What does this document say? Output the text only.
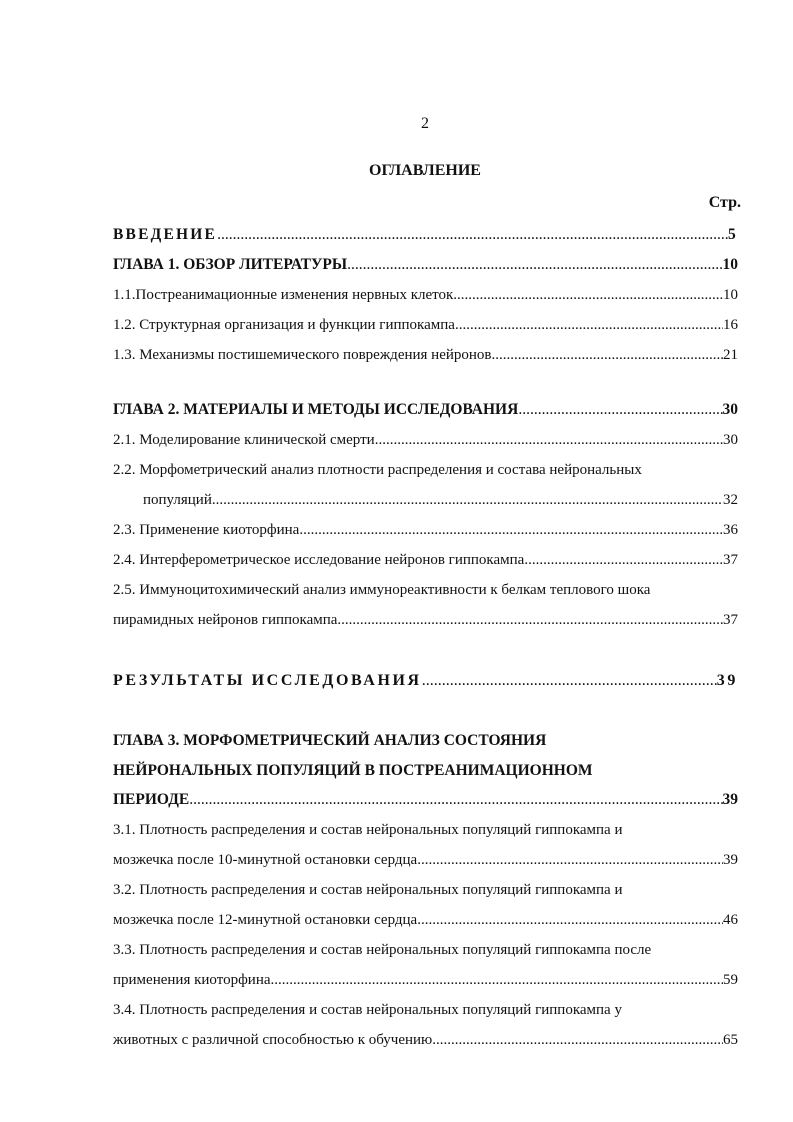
2
ОГЛАВЛЕНИЕ
Стр.
ВВЕДЕНИЕ .....	5
ГЛАВА 1. ОБЗОР ЛИТЕРАТУРЫ .....	10
1.1.Постреанимационные изменения нервных клеток .....	10
1.2. Структурная организация и функции гиппокампа .....	16
1.3. Механизмы постишемического повреждения нейронов .....	21
ГЛАВА 2. МАТЕРИАЛЫ И МЕТОДЫ ИССЛЕДОВАНИЯ .....	30
2.1. Моделирование клинической смерти .....	30
2.2. Морфометрический анализ плотности распределения и состава нейрональных
популяций .....	32
2.3. Применение киоторфина .....	36
2.4. Интерферометрическое исследование нейронов гиппокампа .....	37
2.5. Иммуноцитохимический анализ иммунореактивности к белкам теплового шока
пирамидных нейронов гиппокампа .....	37
РЕЗУЛЬТАТЫ ИССЛЕДОВАНИЯ .....	39
ГЛАВА 3. МОРФОМЕТРИЧЕСКИЙ АНАЛИЗ СОСТОЯНИЯ
НЕЙРОНАЛЬНЫХ ПОПУЛЯЦИЙ В ПОСТРЕАНИМАЦИОННОМ
ПЕРИОДЕ .....	39
3.1. Плотность распределения и состав нейрональных популяций гиппокампа и
мозжечка после 10-минутной остановки сердца .....	39
3.2. Плотность распределения и состав нейрональных популяций гиппокампа и
мозжечка после 12-минутной остановки сердца .....	46
3.3. Плотность распределения и состав нейрональных популяций гиппокампа после
применения киоторфина .....	59
3.4. Плотность распределения и состав нейрональных популяций гиппокампа у
животных с различной способностью к обучению .....	65
